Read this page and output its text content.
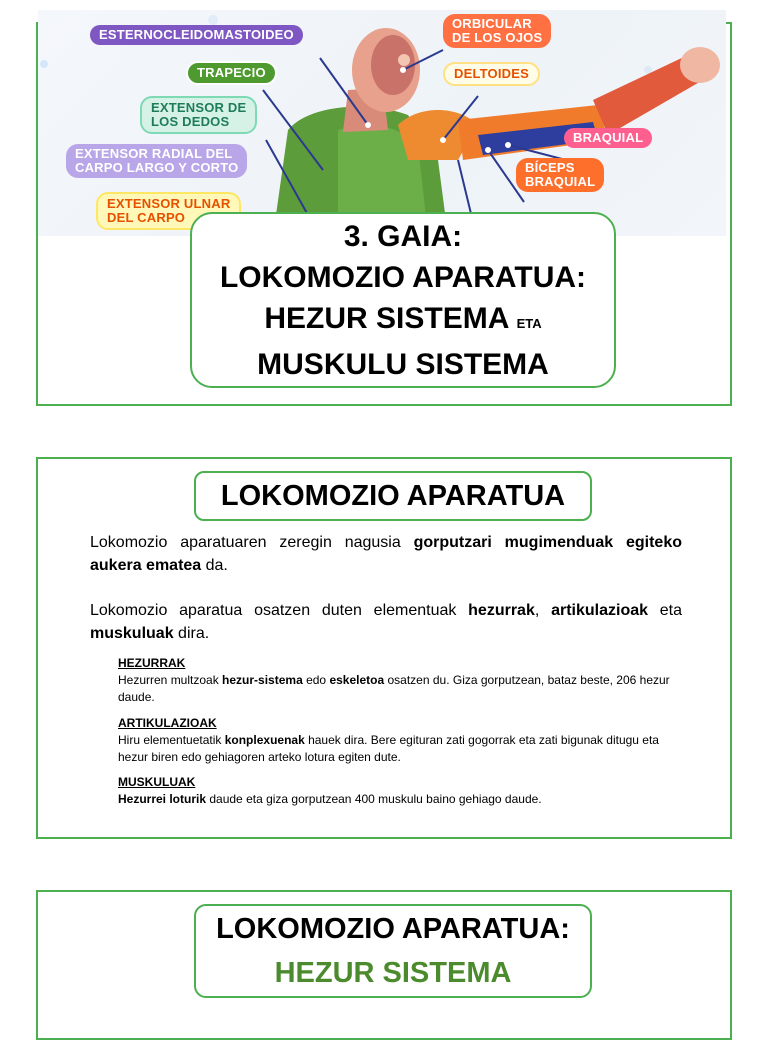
ESTERNOCLEIDOMASTOIDEO
TRAPECIO
EXTENSOR DE
LOS DEDOS
EXTENSOR RADIAL DEL
CARPO LARGO Y CORTO
EXTENSOR ULNAR
DEL CARPO
ORBICULAR
DE LOS OJOS
DELTOIDES
BRAQUIAL
BÍCEPS
BRAQUIAL
3. GAIA:
LOKOMOZIO APARATUA:
HEZUR SISTEMA ETA
MUSKULU SISTEMA
LOKOMOZIO APARATUA
Lokomozio aparatuaren zeregin nagusia gorputzari mugimenduak egiteko aukera ematea da.
Lokomozio aparatua osatzen duten elementuak hezurrak, artikulazioak eta muskuluak dira.
HEZURRAK
Hezurren multzoak hezur-sistema edo eskeletoa osatzen du. Giza gorputzean, bataz beste, 206 hezur daude.
ARTIKULAZIOAK
Hiru elementuetatik konplexuenak hauek dira. Bere egituran zati gogorrak eta zati bigunak ditugu eta hezur biren edo gehiagoren arteko lotura egiten dute.
MUSKULUAK
Hezurrei loturik daude eta giza gorputzean 400 muskulu baino gehiago daude.
LOKOMOZIO APARATUA:
HEZUR SISTEMA
